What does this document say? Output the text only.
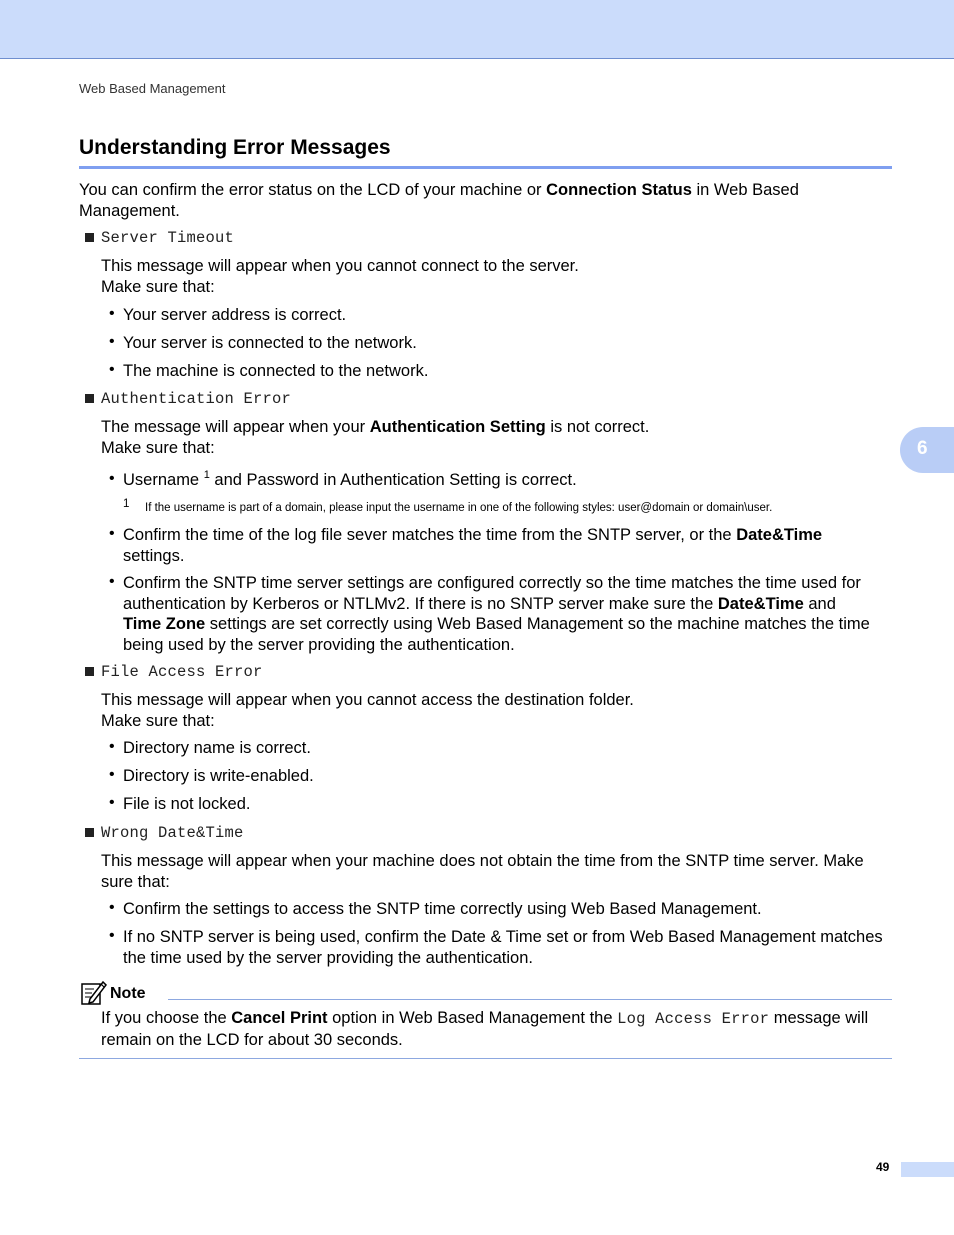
Web Based Management
Understanding Error Messages
You can confirm the error status on the LCD of your machine or Connection Status in Web Based
Management.
6
Server Timeout
This message will appear when you cannot connect to the server.
Make sure that:
• Your server address is correct.
• Your server is connected to the network.
• The machine is connected to the network.
Authentication Error
The message will appear when your Authentication Setting is not correct.
Make sure that:
• Username $^1$ and Password in Authentication Setting is correct.
1 If the username is part of a domain, please input the username in one of the following styles: user@domain or domain\user.
• Confirm the time of the log file sever matches the time from the SNTP server, or the Date&Time
settings.
• Confirm the SNTP time server settings are configured correctly so the time matches the time used for
authentication by Kerberos or NTLMv2. If there is no SNTP server make sure the Date&Time and
Time Zone settings are set correctly using Web Based Management so the machine matches the time
being used by the server providing the authentication.
File Access Error
This message will appear when you cannot access the destination folder.
Make sure that:
• Directory name is correct.
• Directory is write-enabled.
• File is not locked.
Wrong Date&Time
This message will appear when your machine does not obtain the time from the SNTP time server. Make
sure that:
• Confirm the settings to access the SNTP time correctly using Web Based Management.
• If no SNTP server is being used, confirm the Date & Time set or from Web Based Management matches
the time used by the server providing the authentication.
Note
If you choose the Cancel Print option in Web Based Management the Log Access Error message will
remain on the LCD for about 30 seconds.
49
